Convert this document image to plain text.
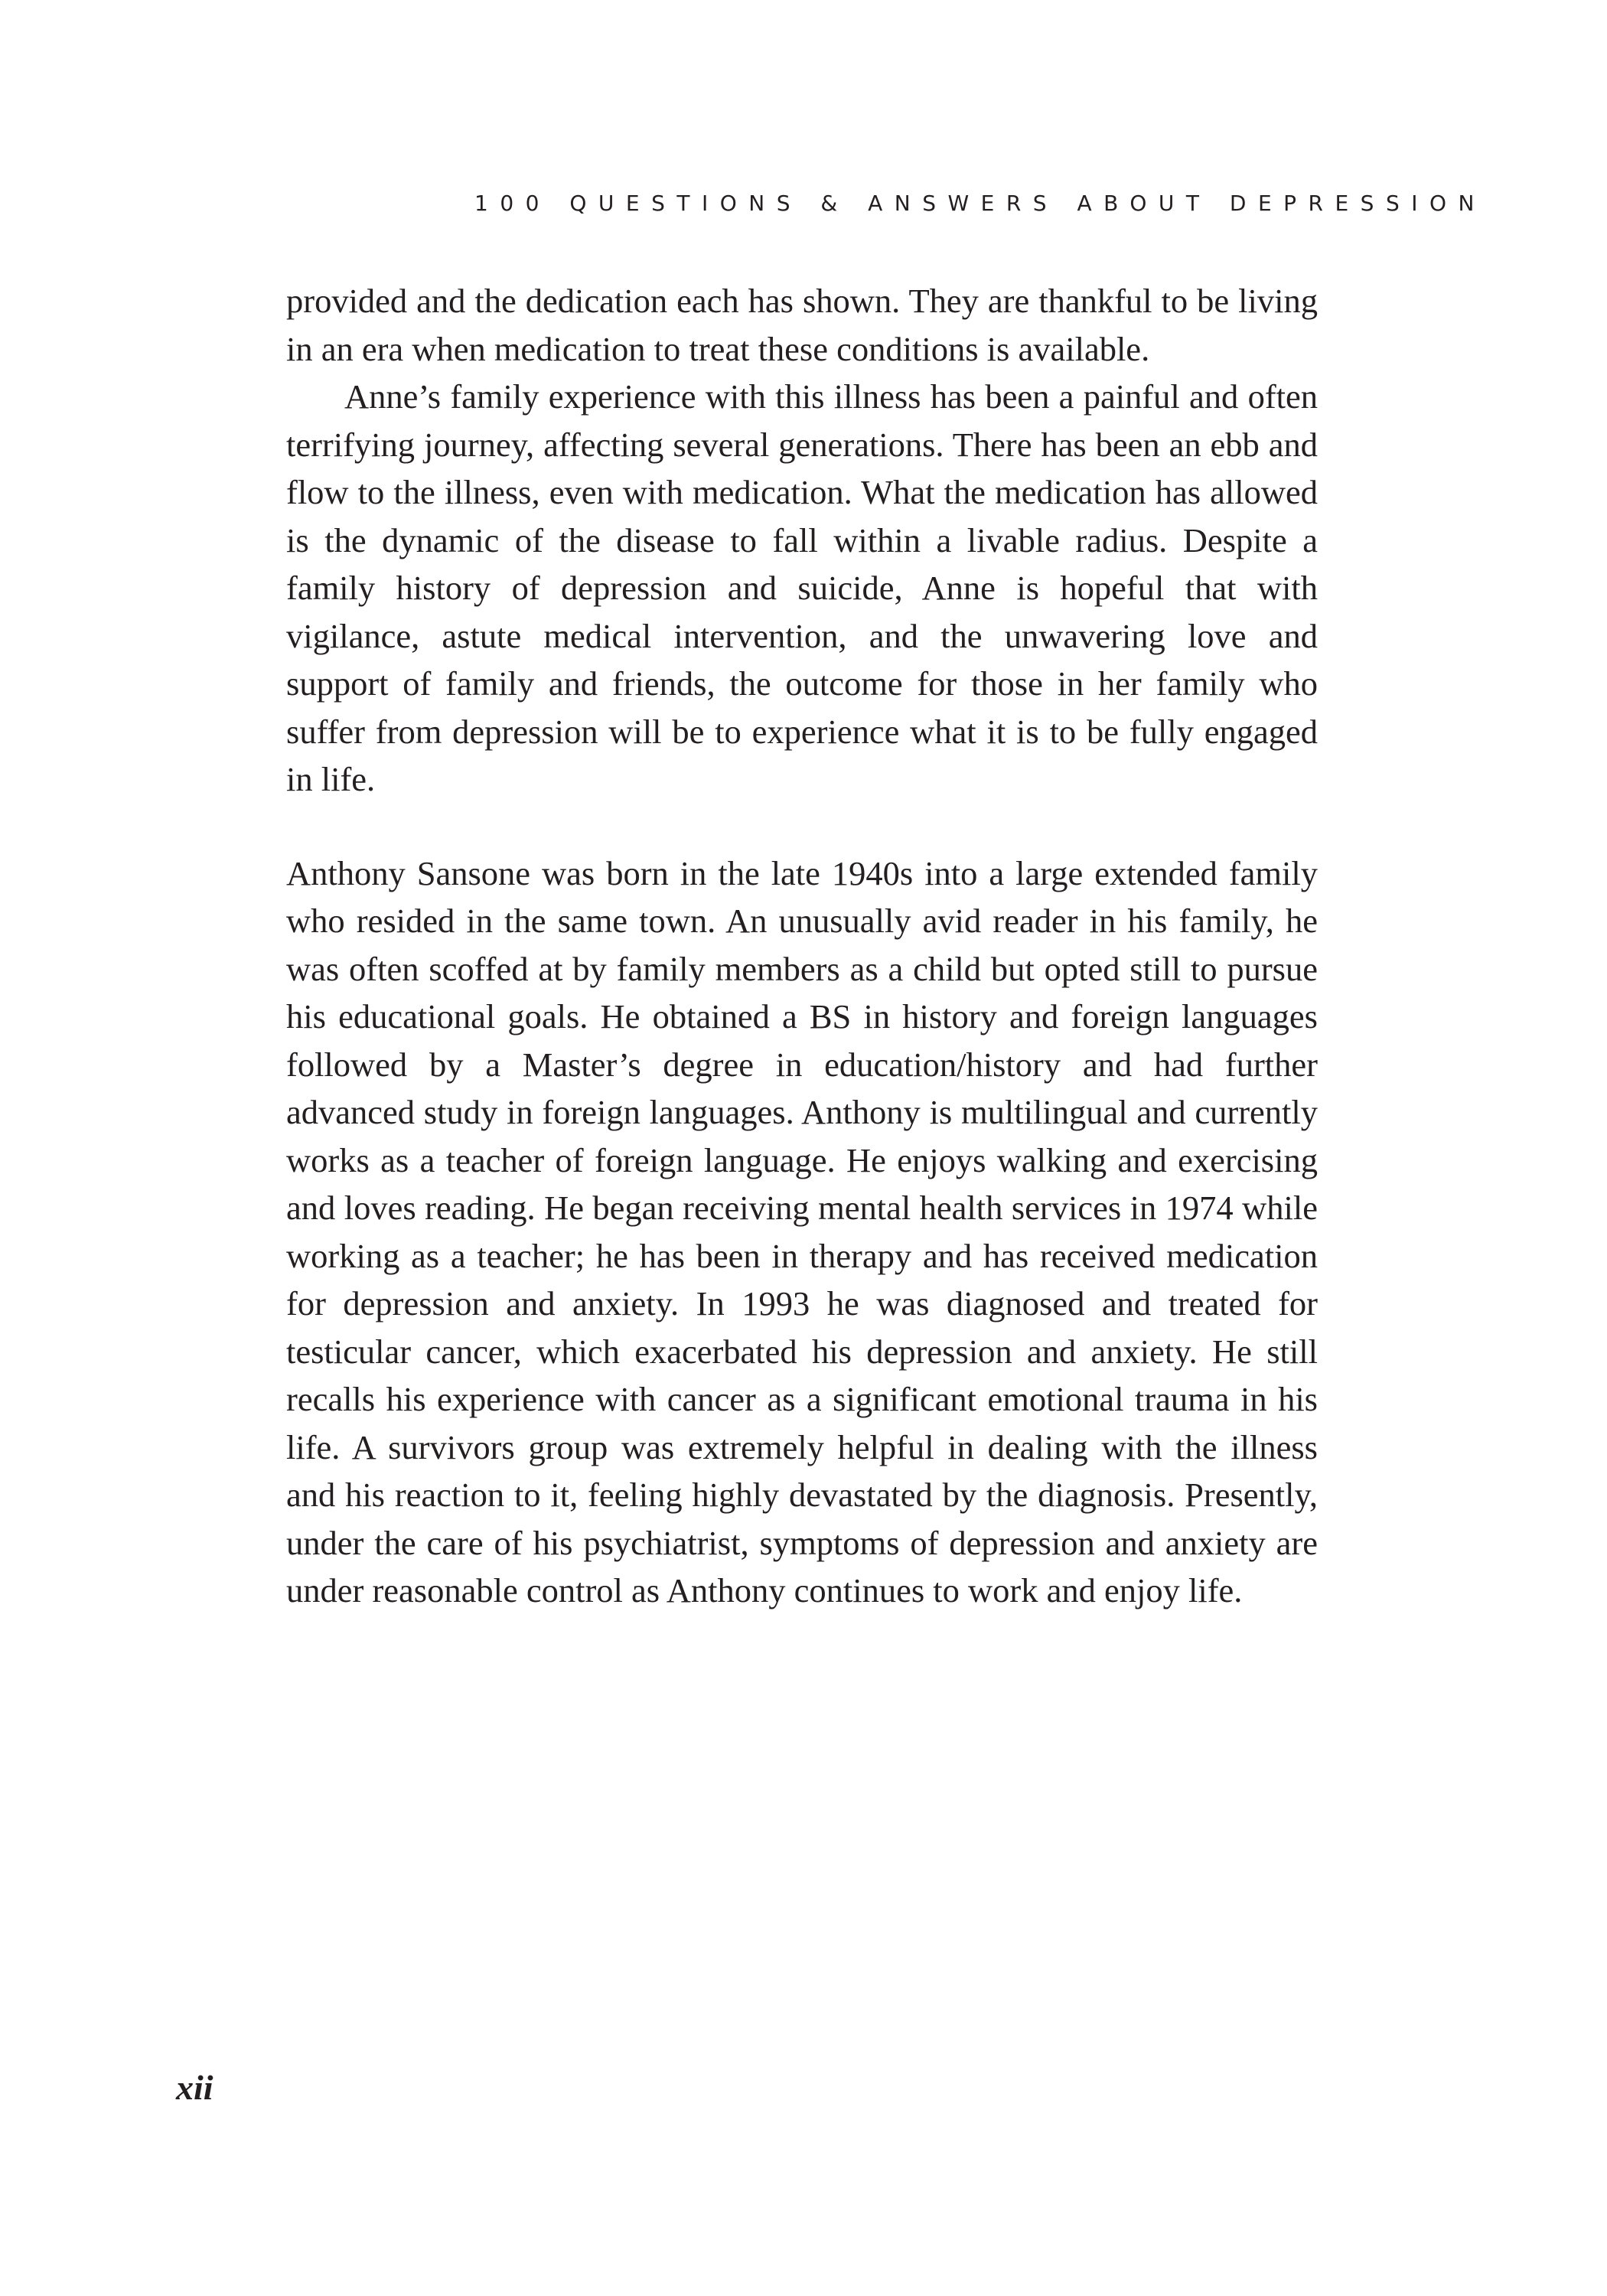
100 QUESTIONS & ANSWERS ABOUT DEPRESSION

provided and the dedication each has shown. They are thankful to be living in an era when medication to treat these conditions is available.

Anne’s family experience with this illness has been a painful and often terrifying journey, affecting several generations. There has been an ebb and flow to the illness, even with medication. What the medication has allowed is the dynamic of the disease to fall within a livable radius. Despite a family history of depression and suicide, Anne is hopeful that with vigilance, astute medical intervention, and the unwavering love and support of family and friends, the outcome for those in her family who suffer from depression will be to experience what it is to be fully engaged in life.

Anthony Sansone was born in the late 1940s into a large extended family who resided in the same town. An unusually avid reader in his family, he was often scoffed at by family members as a child but opted still to pursue his educational goals. He obtained a BS in history and foreign languages followed by a Master’s degree in education/history and had further advanced study in foreign languages. Anthony is multilingual and currently works as a teacher of foreign language. He enjoys walking and exercising and loves reading. He began receiving mental health services in 1974 while working as a teacher; he has been in therapy and has received medication for depression and anxiety. In 1993 he was diagnosed and treated for testicular cancer, which exacerbated his depression and anxiety. He still recalls his experience with cancer as a significant emotional trauma in his life. A survivors group was extremely helpful in dealing with the illness and his reaction to it, feeling highly devastated by the diagnosis. Presently, under the care of his psychiatrist, symptoms of depression and anxiety are under reasonable control as Anthony continues to work and enjoy life.

xii
